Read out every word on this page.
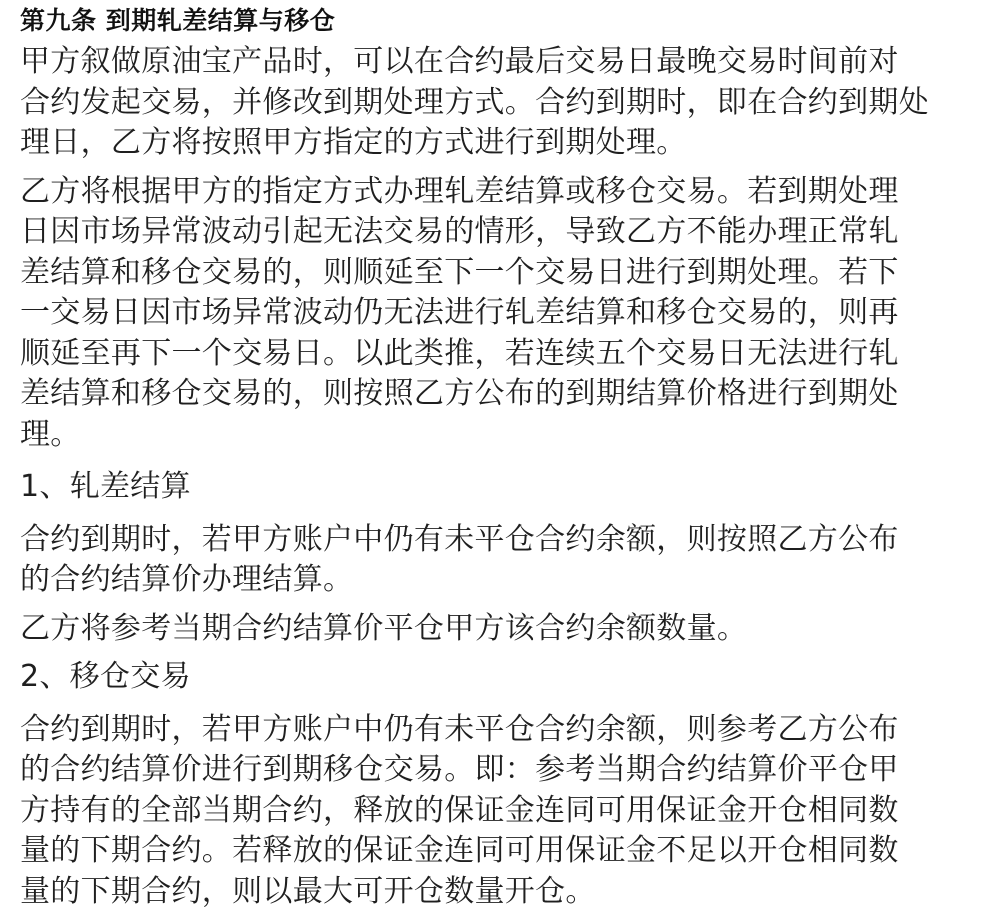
第九条 到期轧差结算与移仓

甲方叙做原油宝产品时，可以在合约最后交易日最晚交易时间前对
合约发起交易，并修改到期处理方式。合约到期时，即在合约到期处
理日，乙方将按照甲方指定的方式进行到期处理。

乙方将根据甲方的指定方式办理轧差结算或移仓交易。若到期处理
日因市场异常波动引起无法交易的情形，导致乙方不能办理正常轧
差结算和移仓交易的，则顺延至下一个交易日进行到期处理。若下
一交易日因市场异常波动仍无法进行轧差结算和移仓交易的，则再
顺延至再下一个交易日。以此类推，若连续五个交易日无法进行轧
差结算和移仓交易的，则按照乙方公布的到期结算价格进行到期处
理。

1、轧差结算

合约到期时，若甲方账户中仍有未平仓合约余额，则按照乙方公布
的合约结算价办理结算。

乙方将参考当期合约结算价平仓甲方该合约余额数量。

2、移仓交易

合约到期时，若甲方账户中仍有未平仓合约余额，则参考乙方公布
的合约结算价进行到期移仓交易。即：参考当期合约结算价平仓甲
方持有的全部当期合约，释放的保证金连同可用保证金开仓相同数
量的下期合约。若释放的保证金连同可用保证金不足以开仓相同数
量的下期合约，则以最大可开仓数量开仓。
